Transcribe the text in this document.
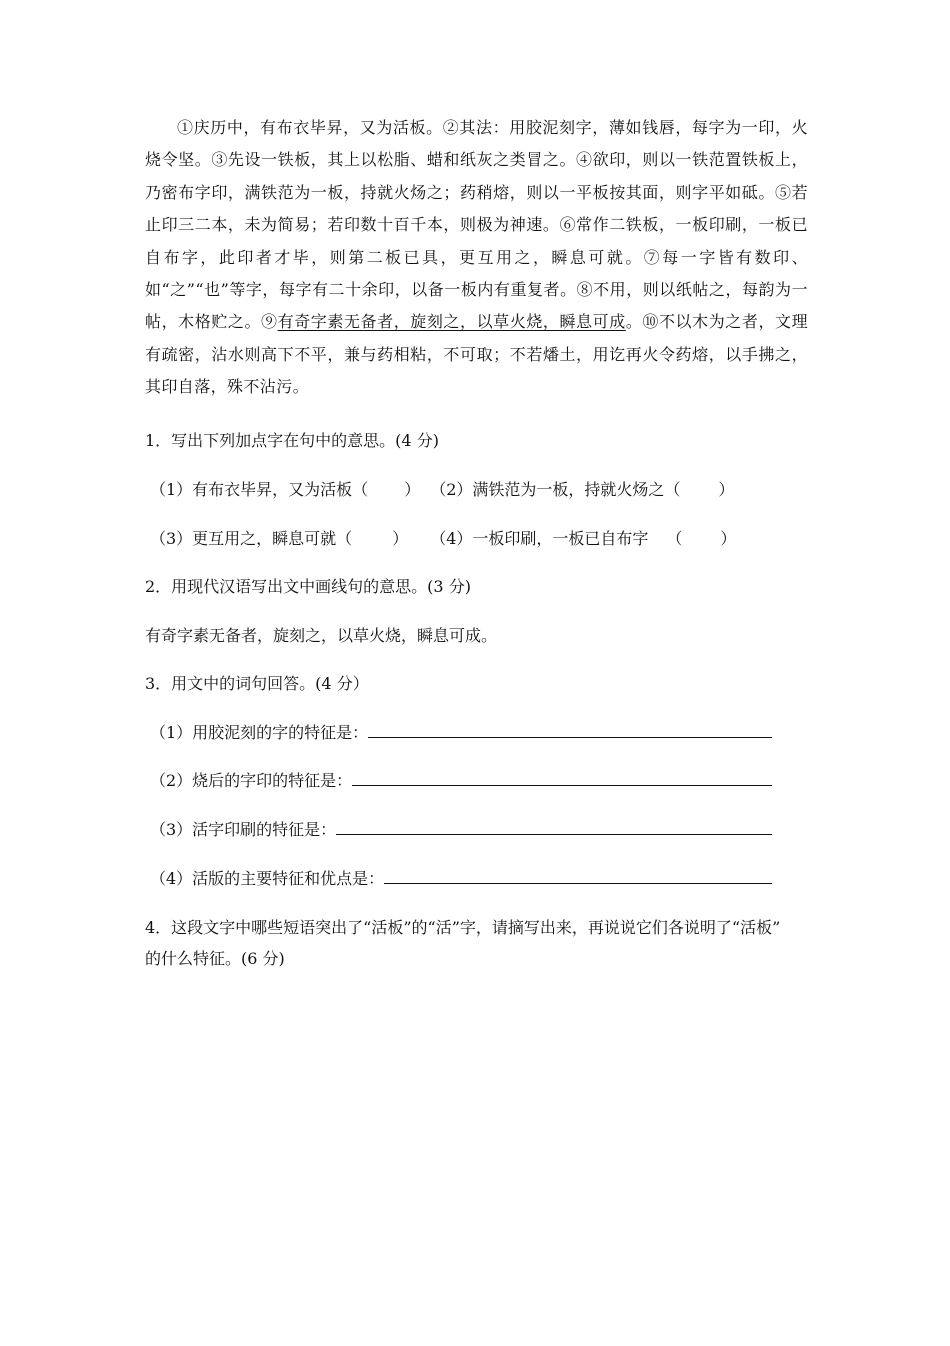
①庆历中，有布衣毕昇，又为活板。②其法：用胶泥刻字，薄如钱唇，每字为一印，火烧令坚。③先设一铁板，其上以松脂、蜡和纸灰之类冒之。④欲印，则以一铁范置铁板上，乃密布字印，满铁范为一板，持就火炀之；药稍熔，则以一平板按其面，则字平如砥。⑤若止印三二本，未为简易；若印数十百千本，则极为神速。⑥常作二铁板，一板印刷，一板已自布字，此印者才毕，则第二板已具，更互用之，瞬息可就。⑦每一字皆有数印、如“之”“也”等字，每字有二十余印，以备一板内有重复者。⑧不用，则以纸帖之，每韵为一帖，木格贮之。⑨有奇字素无备者，旋刻之，以草火烧，瞬息可成。⑩不以木为之者，文理有疏密，沾水则高下不平，兼与药相粘，不可取；不若燔土，用讫再火令药熔，以手拂之，其印自落，殊不沾污。

1．写出下列加点字在句中的意思。(4 分)

（1）有布衣毕昇，又为活板（ ） （2）满铁范为一板，持就火炀之（ ）

（3）更互用之，瞬息可就（	） （4）一板印刷，一板已自布字 （ ）

2．用现代汉语写出文中画线句的意思。(3 分)

有奇字素无备者，旋刻之，以草火烧，瞬息可成。

3．用文中的词句回答。(4 分）

（1）用胶泥刻的字的特征是：

（2）烧后的字印的特征是：

（3）活字印刷的特征是：

（4）活版的主要特征和优点是：

4．这段文字中哪些短语突出了“活板”的“活”字，请摘写出来，再说说它们各说明了“活板”

的什么特征。(6 分)
